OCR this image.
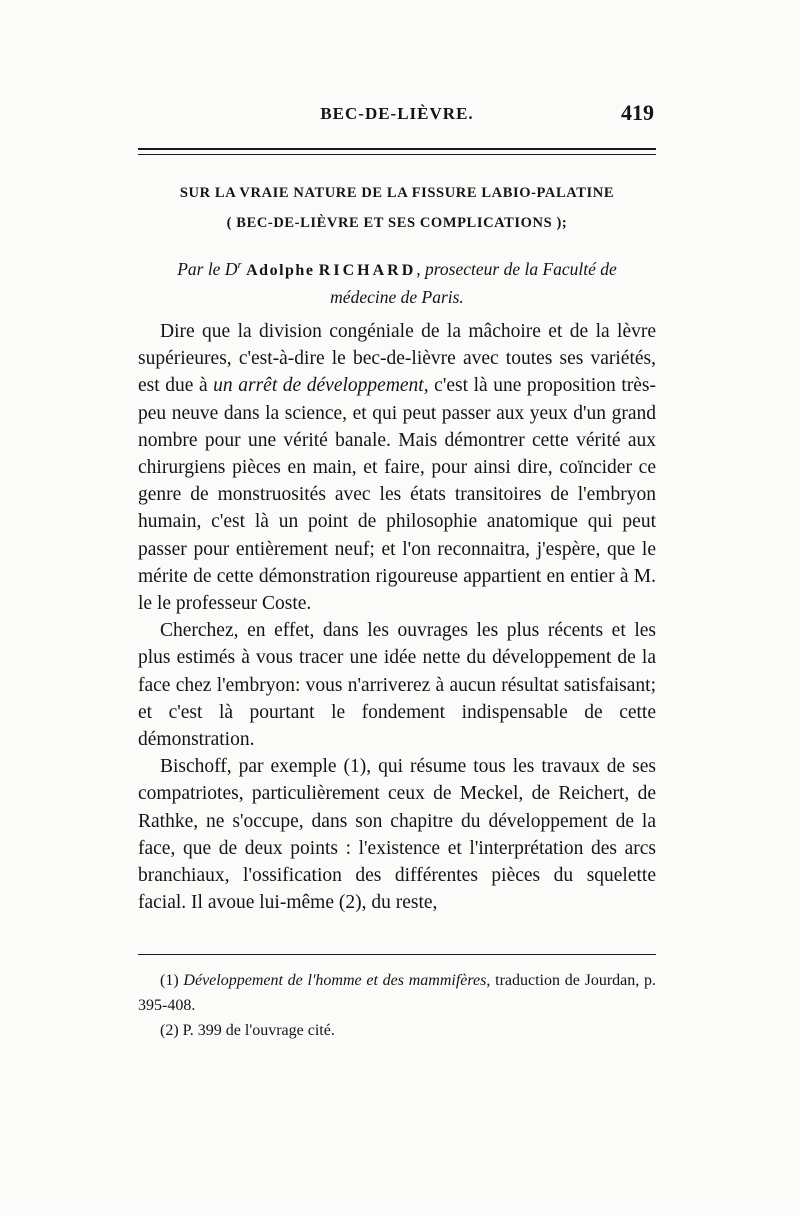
BEC-DE-LIÈVRE.	419
SUR LA VRAIE NATURE DE LA FISSURE LABIO-PALATINE
( BEC-DE-LIÈVRE ET SES COMPLICATIONS );
Par le $D^r$ Adolphe RICHARD, prosecteur de la Faculté de
médecine de Paris.

Dire que la division congéniale de la mâchoire et de la lèvre supérieures, c'est-à-dire le bec-de-lièvre avec toutes ses variétés, est due à un arrêt de développement, c'est là une proposition très-peu neuve dans la science, et qui peut passer aux yeux d'un grand nombre pour une vérité banale. Mais démontrer cette vérité aux chirurgiens pièces en main, et faire, pour ainsi dire, coïncider ce genre de monstruosités avec les états transitoires de l'embryon humain, c'est là un point de philosophie anatomique qui peut passer pour entièrement neuf; et l'on reconnaitra, j'espère, que le mérite de cette démonstration rigoureuse appartient en entier à M. le le professeur Coste.

Cherchez, en effet, dans les ouvrages les plus récents et les plus estimés à vous tracer une idée nette du développement de la face chez l'embryon: vous n'arriverez à aucun résultat satisfaisant; et c'est là pourtant le fondement indispensable de cette démonstration.

Bischoff, par exemple (1), qui résume tous les travaux de ses compatriotes, particulièrement ceux de Meckel, de Reichert, de Rathke, ne s'occupe, dans son chapitre du développement de la face, que de deux points : l'existence et l'interprétation des arcs branchiaux, l'ossification des différentes pièces du squelette facial. Il avoue lui-même (2), du reste,

(1) Développement de l'homme et des mammifères, traduction de Jourdan, p. 395-408.

(2) P. 399 de l'ouvrage cité.
